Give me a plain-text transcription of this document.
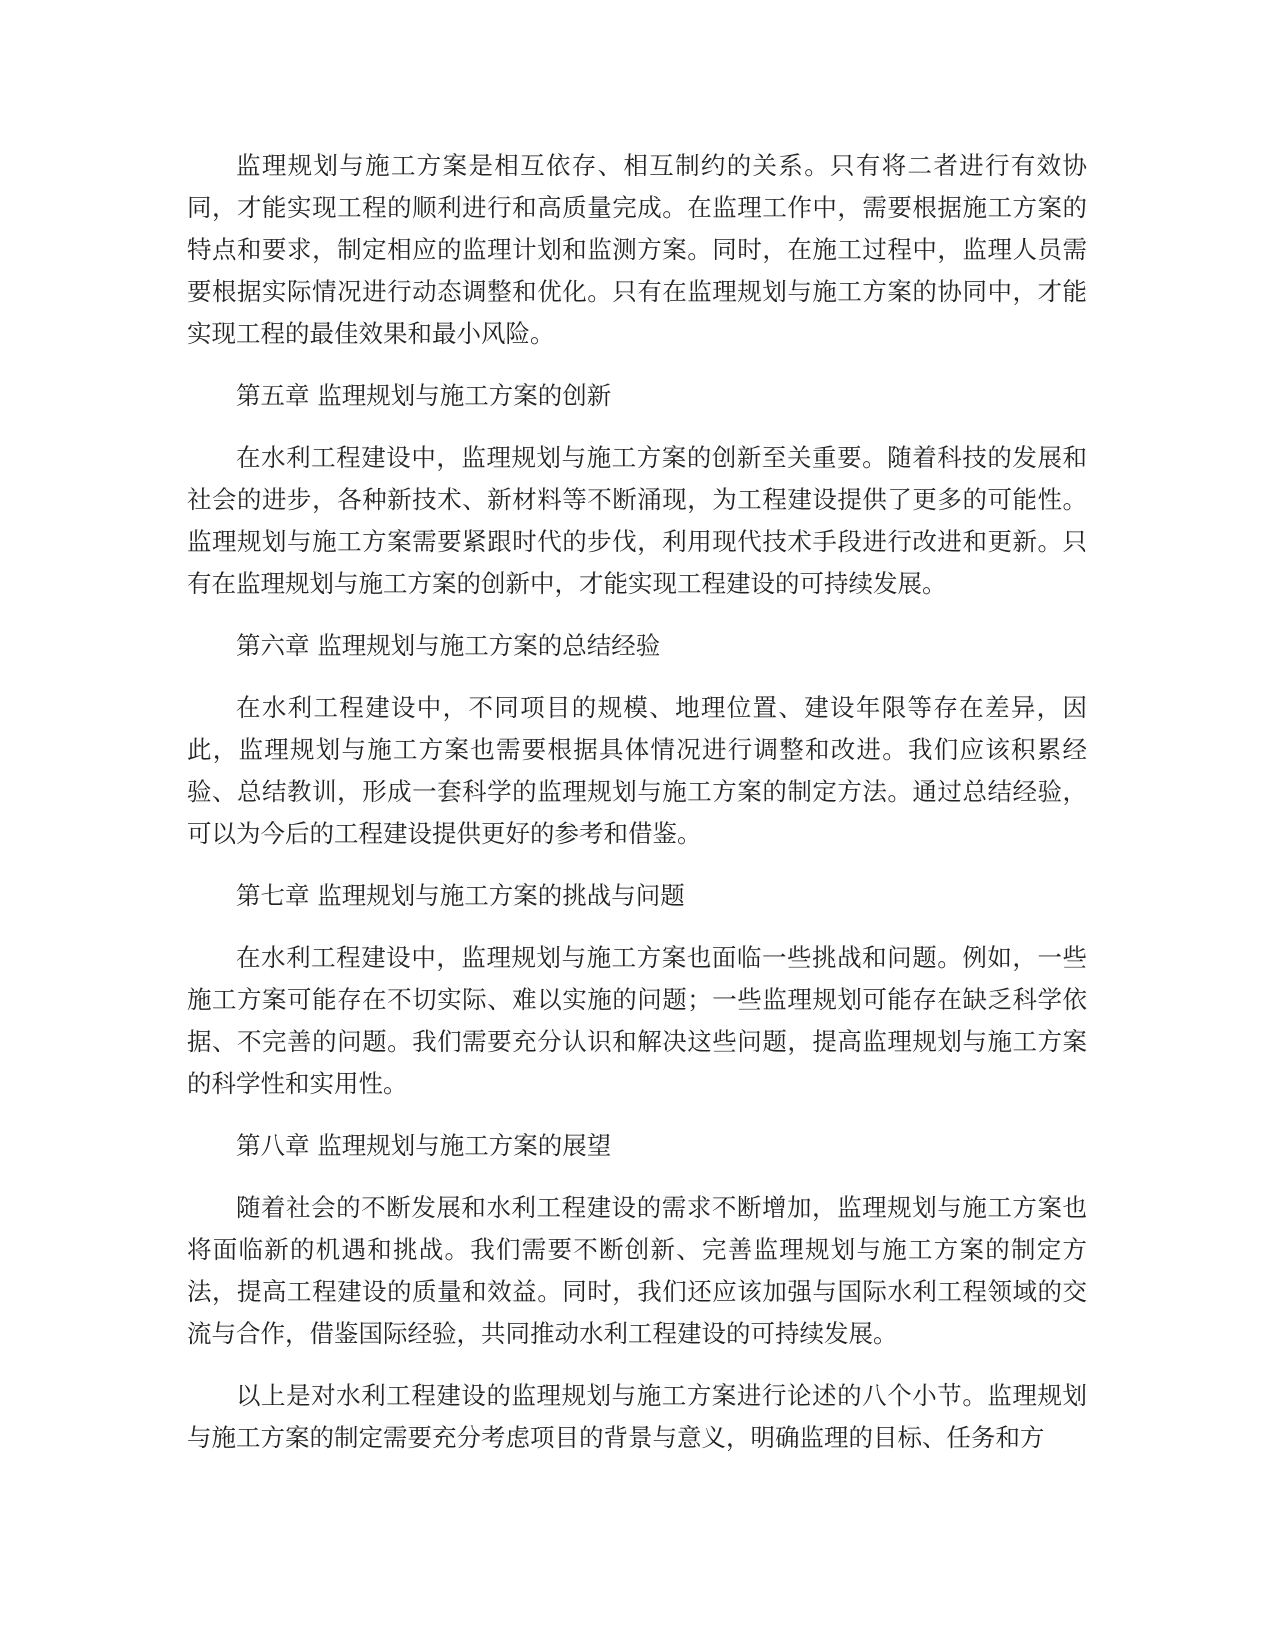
监理规划与施工方案是相互依存、相互制约的关系。只有将二者进行有效协同，才能实现工程的顺利进行和高质量完成。在监理工作中，需要根据施工方案的特点和要求，制定相应的监理计划和监测方案。同时，在施工过程中，监理人员需要根据实际情况进行动态调整和优化。只有在监理规划与施工方案的协同中，才能实现工程的最佳效果和最小风险。

第五章 监理规划与施工方案的创新

在水利工程建设中，监理规划与施工方案的创新至关重要。随着科技的发展和社会的进步，各种新技术、新材料等不断涌现，为工程建设提供了更多的可能性。监理规划与施工方案需要紧跟时代的步伐，利用现代技术手段进行改进和更新。只有在监理规划与施工方案的创新中，才能实现工程建设的可持续发展。

第六章 监理规划与施工方案的总结经验

在水利工程建设中，不同项目的规模、地理位置、建设年限等存在差异，因此，监理规划与施工方案也需要根据具体情况进行调整和改进。我们应该积累经验、总结教训，形成一套科学的监理规划与施工方案的制定方法。通过总结经验，可以为今后的工程建设提供更好的参考和借鉴。

第七章 监理规划与施工方案的挑战与问题

在水利工程建设中，监理规划与施工方案也面临一些挑战和问题。例如，一些施工方案可能存在不切实际、难以实施的问题；一些监理规划可能存在缺乏科学依据、不完善的问题。我们需要充分认识和解决这些问题，提高监理规划与施工方案的科学性和实用性。

第八章 监理规划与施工方案的展望

随着社会的不断发展和水利工程建设的需求不断增加，监理规划与施工方案也将面临新的机遇和挑战。我们需要不断创新、完善监理规划与施工方案的制定方法，提高工程建设的质量和效益。同时，我们还应该加强与国际水利工程领域的交流与合作，借鉴国际经验，共同推动水利工程建设的可持续发展。

以上是对水利工程建设的监理规划与施工方案进行论述的八个小节。监理规划与施工方案的制定需要充分考虑项目的背景与意义，明确监理的目标、任务和方
